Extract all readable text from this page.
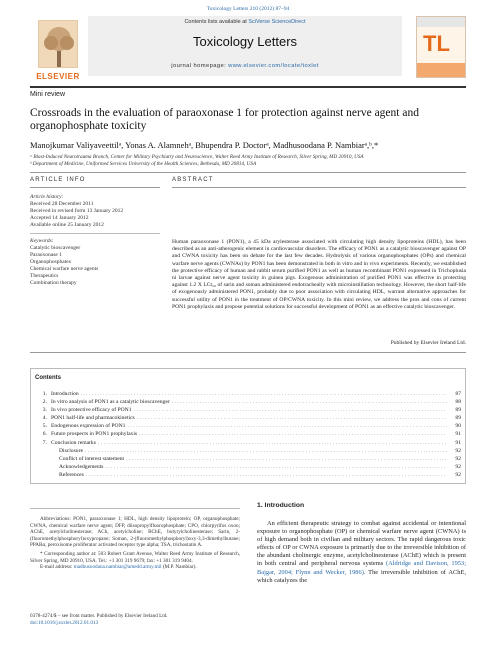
Toxicology Letters 210 (2012) 87–94
ELSEVIER
Contents lists available at SciVerse ScienceDirect
Toxicology Letters
journal homepage: www.elsevier.com/locate/toxlet
TL
Mini review
Crossroads in the evaluation of paraoxonase 1 for protection against nerve agent and organophosphate toxicity
Manojkumar Valiyaveettilᵃ, Yonas A. Alamnehᵃ, Bhupendra P. Doctorᵃ, Madhusoodana P. Nambiarᵃ,ᵇ,*
ᵃ Blast-Induced Neurotrauma Branch, Center for Military Psychiatry and Neuroscience, Walter Reed Army Institute of Research, Silver Spring, MD 20910, USA
ᵇ Department of Medicine, Uniformed Services University of the Health Sciences, Bethesda, MD 20814, USA
ARTICLE INFO
Article history:
Received 28 December 2011
Received in revised form 13 January 2012
Accepted 14 January 2012
Available online 25 January 2012
Keywords:
Catalytic bioscavenger
Paraoxonase 1
Organophosphates
Chemical warfare nerve agents
Therapeutics
Combination therapy
ABSTRACT
Human paraoxonase 1 (PON1), a 45 kDa arylesterase associated with circulating high density lipoproteins (HDL), has been described as an anti-atherogenic element in cardiovascular disorders. The efficacy of PON1 as a catalytic bioscavenger against OP and CWNA toxicity has been on debate for the last few decades. Hydrolysis of various organophosphates (OPs) and chemical warfare nerve agents (CWNAs) by PON1 has been demonstrated in both in vitro and in vivo experiments. Recently, we established the protective efficacy of human and rabbit serum purified PON1 as well as human recombinant PON1 expressed in Trichoplusia ni larvae against nerve agent toxicity in guinea pigs. Exogenous administration of purified PON1 was effective in protecting against 1.2 X LCt₅₀ of sarin and soman administered endotracheally with microinstillation technology. However, the short half-life of exogenously administered PON1, probably due to poor association with circulating HDL, warrant alternative approaches for successful utility of PON1 in the treatment of OP/CWNA toxicity. In this mini review, we address the pros and cons of current PON1 prophylaxis and propose potential solutions for successful development of PON1 as an effective catalytic bioscavenger.
Published by Elsevier Ireland Ltd.
Contents
1. Introduction . . .	87
2. In vitro analysis of PON1 as a catalytic bioscavenger . . .	88
3. In vivo protective efficacy of PON1 . . .	89
4. PON1 half-life and pharmacokinetics . . .	89
5. Endogenous expression of PON1 . . .	90
6. Future prospects in PON1 prophylaxis . . .	91
7. Conclusion remarks . . .	91
Disclosure . . .	92
Conflict of interest statement . . .	92
Acknowledgements . . .	92
References . . .	92
Abbreviations: PON1, paraoxonase 1; HDL, high density lipoprotein; OP, organophosphate; CWNA, chemical warfare nerve agent; DFP, diisopropylfluorophosphate; CPO, chlorpyrifos oxon; AChE, acetylcholinesterase; ACh, acetylcholine; BChE, butyrylcholinesterase; Sarin, 2-(fluoromethylphosphoryl)oxypropane; Soman, 2-(fluoromethylphosphoryl)oxy-3,3-dimethylbutane; PPARα, peroxisome proliferator activated receptor type alpha; TSA, trichostatin A.
* Corresponding author at: 503 Robert Grant Avenue, Walter Reed Army Institute of Research, Silver Spring, MD 20910, USA. Tel.: +1 301 319 9679; fax: +1 301 319 9404.
E-mail address: madhusoodana.nambiar@amedd.army.mil (M.P. Nambiar).
0378-4274/$ – see front matter. Published by Elsevier Ireland Ltd.
doi:10.1016/j.toxlet.2012.01.013
1. Introduction
An efficient therapeutic strategy to combat against accidental or intentional exposure to organophosphate (OP) or chemical warfare nerve agent (CWNA) is of high demand both in civilian and military sectors. The rapid dangerous toxic effects of OP or CWNA exposure is primarily due to the irreversible inhibition of the abundant cholinergic enzyme, acetylcholinesterase (AChE) which is present in both central and peripheral nervous systems (Aldridge and Davison, 1953; Bajgar, 2004; Flynn and Wecker, 1986). The irreversible inhibition of AChE, which catalyzes the
